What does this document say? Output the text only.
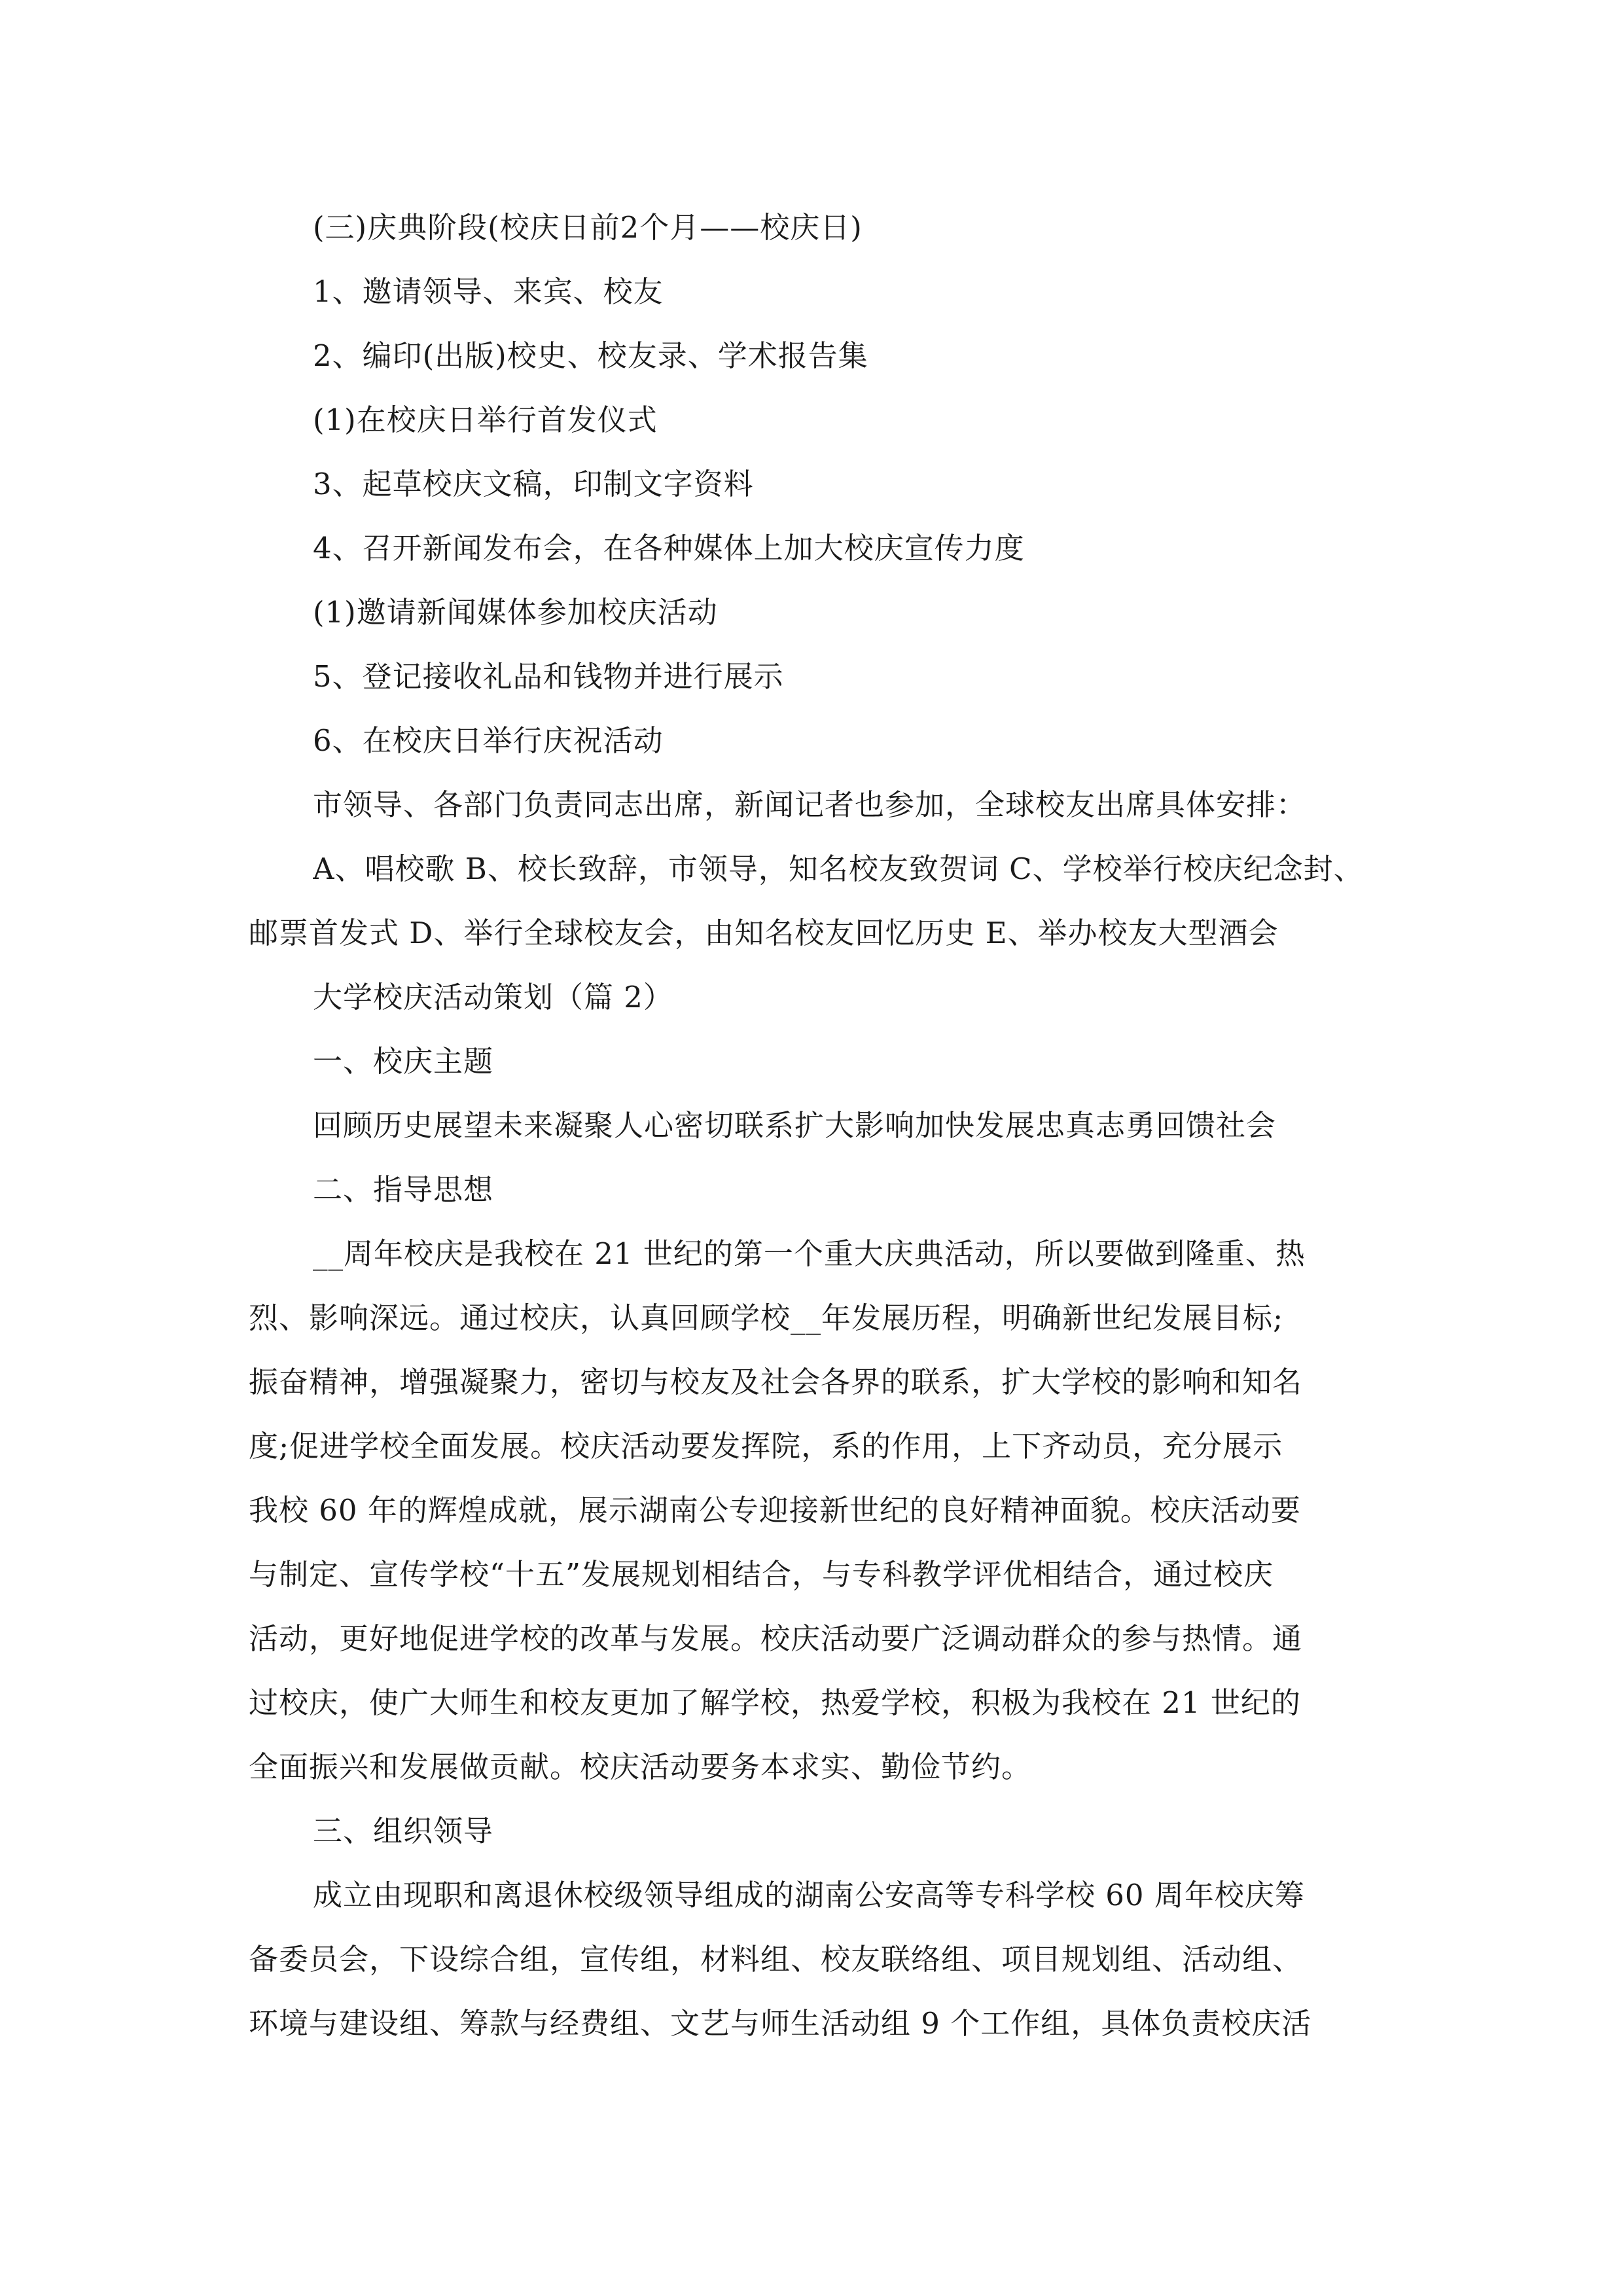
(三)庆典阶段(校庆日前2个月——校庆日)
1、邀请领导、来宾、校友
2、编印(出版)校史、校友录、学术报告集
(1)在校庆日举行首发仪式
3、起草校庆文稿，印制文字资料
4、召开新闻发布会，在各种媒体上加大校庆宣传力度
(1)邀请新闻媒体参加校庆活动
5、登记接收礼品和钱物并进行展示
6、在校庆日举行庆祝活动
市领导、各部门负责同志出席，新闻记者也参加，全球校友出席具体安排：
A、唱校歌 B、校长致辞，市领导，知名校友致贺词 C、学校举行校庆纪念封、
邮票首发式 D、举行全球校友会，由知名校友回忆历史 E、举办校友大型酒会
大学校庆活动策划（篇 2）
一、校庆主题
回顾历史展望未来凝聚人心密切联系扩大影响加快发展忠真志勇回馈社会
二、指导思想
__周年校庆是我校在 21 世纪的第一个重大庆典活动，所以要做到隆重、热
烈、影响深远。通过校庆，认真回顾学校__年发展历程，明确新世纪发展目标;
振奋精神，增强凝聚力，密切与校友及社会各界的联系，扩大学校的影响和知名
度;促进学校全面发展。校庆活动要发挥院，系的作用，上下齐动员，充分展示
我校 60 年的辉煌成就，展示湖南公专迎接新世纪的良好精神面貌。校庆活动要
与制定、宣传学校“十五”发展规划相结合，与专科教学评优相结合，通过校庆
活动，更好地促进学校的改革与发展。校庆活动要广泛调动群众的参与热情。通
过校庆，使广大师生和校友更加了解学校，热爱学校，积极为我校在 21 世纪的
全面振兴和发展做贡献。校庆活动要务本求实、勤俭节约。
三、组织领导
成立由现职和离退休校级领导组成的湖南公安高等专科学校 60 周年校庆筹
备委员会，下设综合组，宣传组，材料组、校友联络组、项目规划组、活动组、
环境与建设组、筹款与经费组、文艺与师生活动组 9 个工作组，具体负责校庆活
